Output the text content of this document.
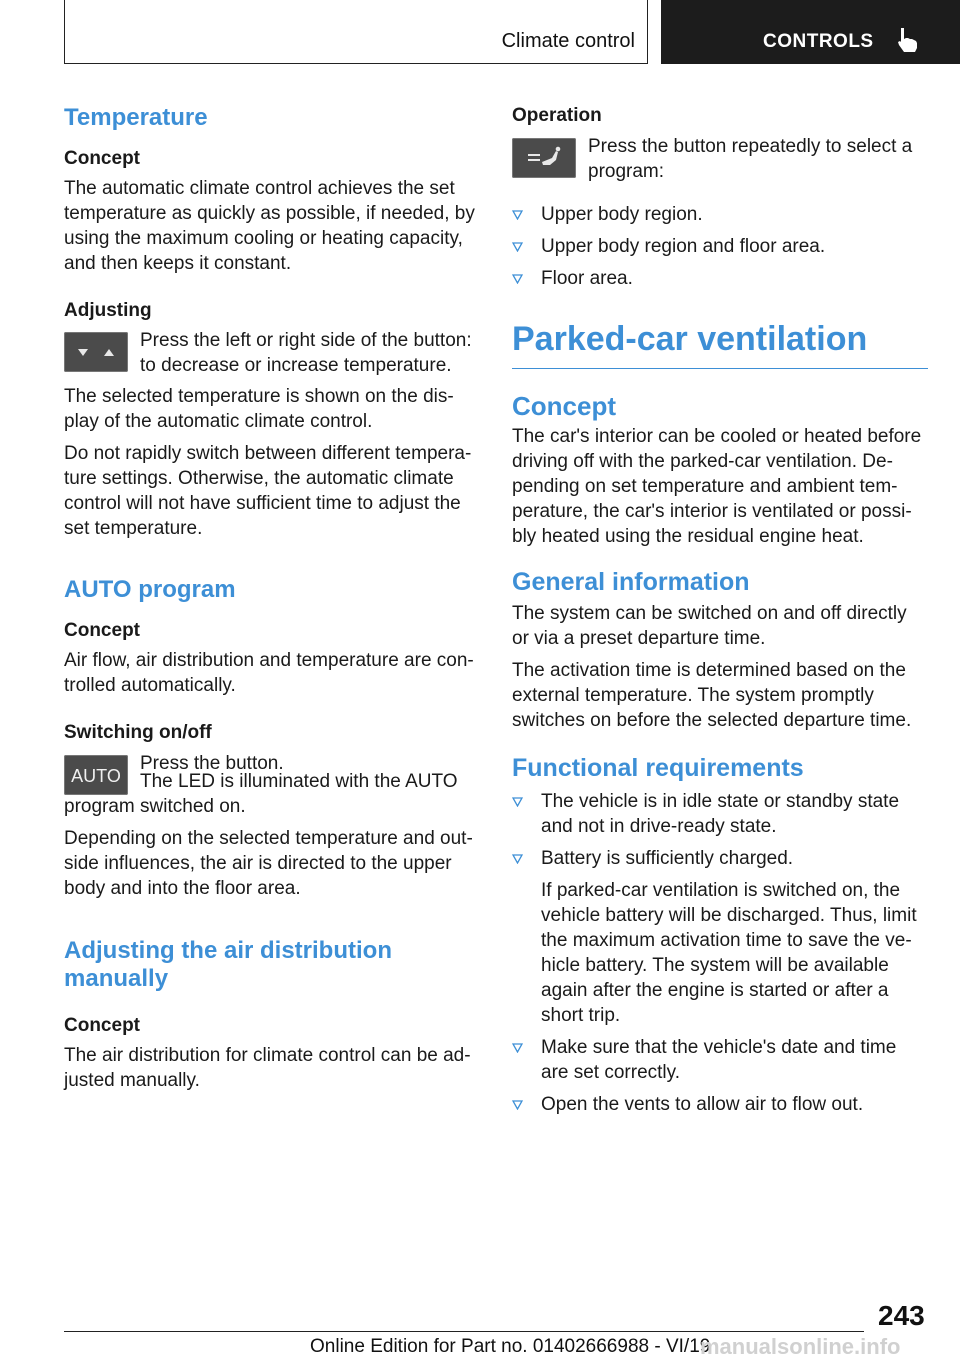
Climate control	CONTROLS
Temperature
Concept

The automatic climate control achieves the set temperature as quickly as possible, if needed, by using the maximum cooling or heating capacity, and then keeps it constant.

Adjusting

Press the left or right side of the button: to decrease or increase temperature.

The selected temperature is shown on the dis-play of the automatic climate control.

Do not rapidly switch between different tempera-ture settings. Otherwise, the automatic climate control will not have sufficient time to adjust the set temperature.

AUTO program
Concept

Air flow, air distribution and temperature are con-trolled automatically.

Switching on/off
AUTO

Press the button.

The LED is illuminated with the AUTO program switched on.

Depending on the selected temperature and out-side influences, the air is directed to the upper body and into the floor area.

Adjusting the air distribution manually
Concept

The air distribution for climate control can be ad-justed manually.

Operation

Press the button repeatedly to select a program:

Upper body region.
Upper body region and floor area.
Floor area.
Parked-car ventilation
Concept

The car's interior can be cooled or heated before driving off with the parked-car ventilation. De-pending on set temperature and ambient tem-perature, the car's interior is ventilated or possi-bly heated using the residual engine heat.

General information

The system can be switched on and off directly or via a preset departure time.

The activation time is determined based on the external temperature. The system promptly switches on before the selected departure time.

Functional requirements
The vehicle is in idle state or standby state and not in drive-ready state.
Battery is sufficiently charged.
If parked-car ventilation is switched on, the vehicle battery will be discharged. Thus, limit the maximum activation time to save the ve-hicle battery. The system will be available again after the engine is started or after a short trip.
Make sure that the vehicle's date and time are set correctly.
Open the vents to allow air to flow out.
243
Online Edition for Part no. 01402666988 - VI/19
manualsonline.info
